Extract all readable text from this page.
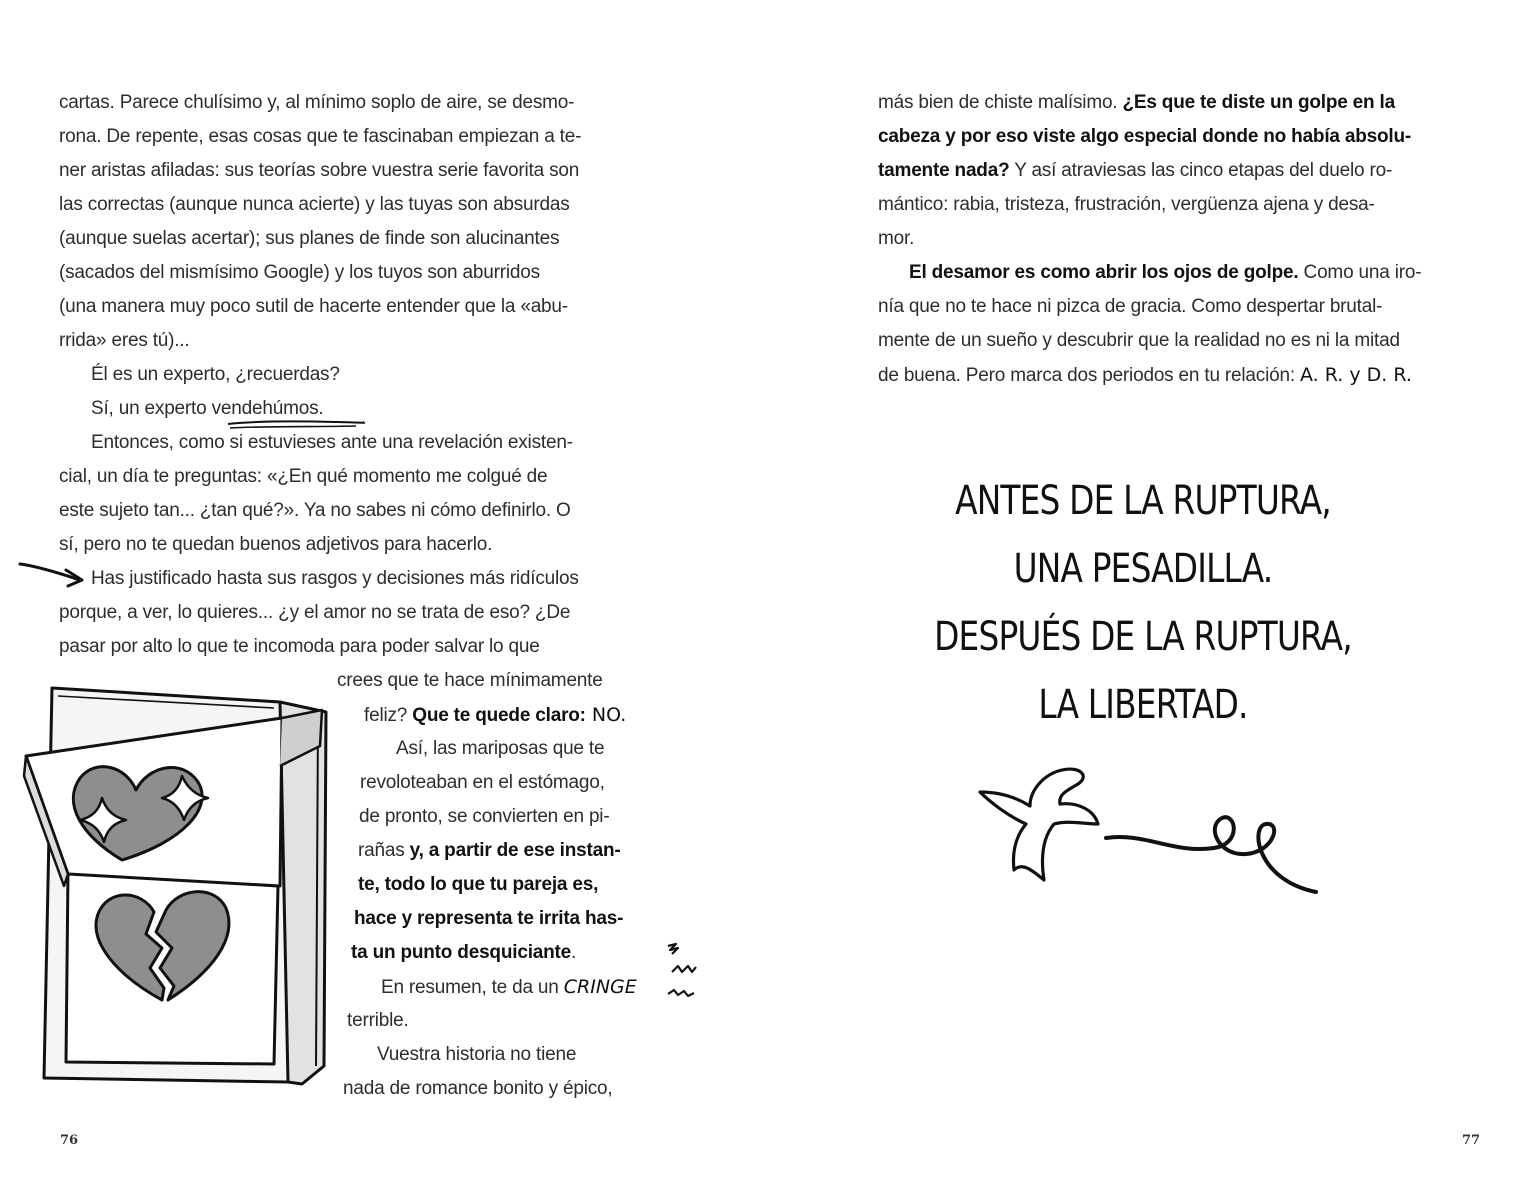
cartas. Parece chulísimo y, al mínimo soplo de aire, se desmo-
rona. De repente, esas cosas que te fascinaban empiezan a te-
ner aristas afiladas: sus teorías sobre vuestra serie favorita son
las correctas (aunque nunca acierte) y las tuyas son absurdas
(aunque suelas acertar); sus planes de finde son alucinantes
(sacados del mismísimo Google) y los tuyos son aburridos
(una manera muy poco sutil de hacerte entender que la «abu-
rrida» eres tú)...
Él es un experto, ¿recuerdas?
Sí, un experto vendehúmos.
Entonces, como si estuvieses ante una revelación existen-
cial, un día te preguntas: «¿En qué momento me colgué de
este sujeto tan... ¿tan qué?». Ya no sabes ni cómo definirlo. O
sí, pero no te quedan buenos adjetivos para hacerlo.
Has justificado hasta sus rasgos y decisiones más ridículos
porque, a ver, lo quieres... ¿y el amor no se trata de eso? ¿De
pasar por alto lo que te incomoda para poder salvar lo que
crees que te hace mínimamente
feliz? Que te quede claro: NO.
Así, las mariposas que te
revoloteaban en el estómago,
de pronto, se convierten en pi-
rañas y, a partir de ese instan-
te, todo lo que tu pareja es,
hace y representa te irrita has-
ta un punto desquiciante.
En resumen, te da un CRINGE
terrible.
Vuestra historia no tiene
nada de romance bonito y épico,
76
más bien de chiste malísimo. ¿Es que te diste un golpe en la
cabeza y por eso viste algo especial donde no había absolu-
tamente nada? Y así atraviesas las cinco etapas del duelo ro-
mántico: rabia, tristeza, frustración, vergüenza ajena y desa-
mor.
El desamor es como abrir los ojos de golpe. Como una iro-
nía que no te hace ni pizca de gracia. Como despertar brutal-
mente de un sueño y descubrir que la realidad no es ni la mitad
de buena. Pero marca dos periodos en tu relación: A. R. y D. R.
ANTES DE LA RUPTURA,
UNA PESADILLA.
DESPUÉS DE LA RUPTURA,
LA LIBERTAD.
77
